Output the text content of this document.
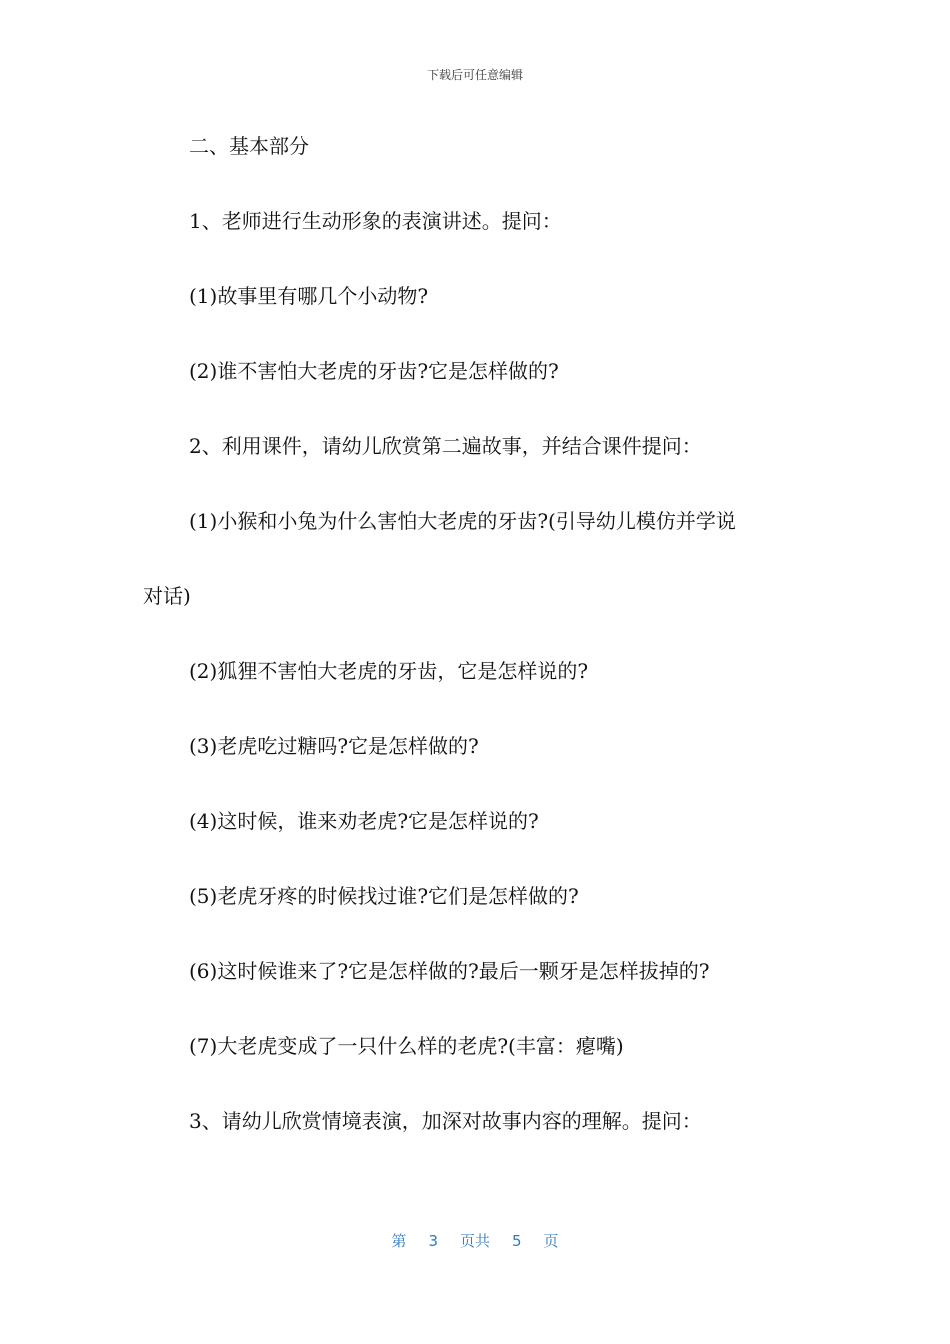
下载后可任意编辑

二、基本部分

1、老师进行生动形象的表演讲述。提问：

(1)故事里有哪几个小动物?

(2)谁不害怕大老虎的牙齿?它是怎样做的?

2、利用课件，请幼儿欣赏第二遍故事，并结合课件提问：

(1)小猴和小兔为什么害怕大老虎的牙齿?(引导幼儿模仿并学说

对话)

(2)狐狸不害怕大老虎的牙齿，它是怎样说的?

(3)老虎吃过糖吗?它是怎样做的?

(4)这时候，谁来劝老虎?它是怎样说的?

(5)老虎牙疼的时候找过谁?它们是怎样做的?

(6)这时候谁来了?它是怎样做的?最后一颗牙是怎样拔掉的?

(7)大老虎变成了一只什么样的老虎?(丰富：瘪嘴)

3、请幼儿欣赏情境表演，加深对故事内容的理解。提问：

第 3 页共 5 页
